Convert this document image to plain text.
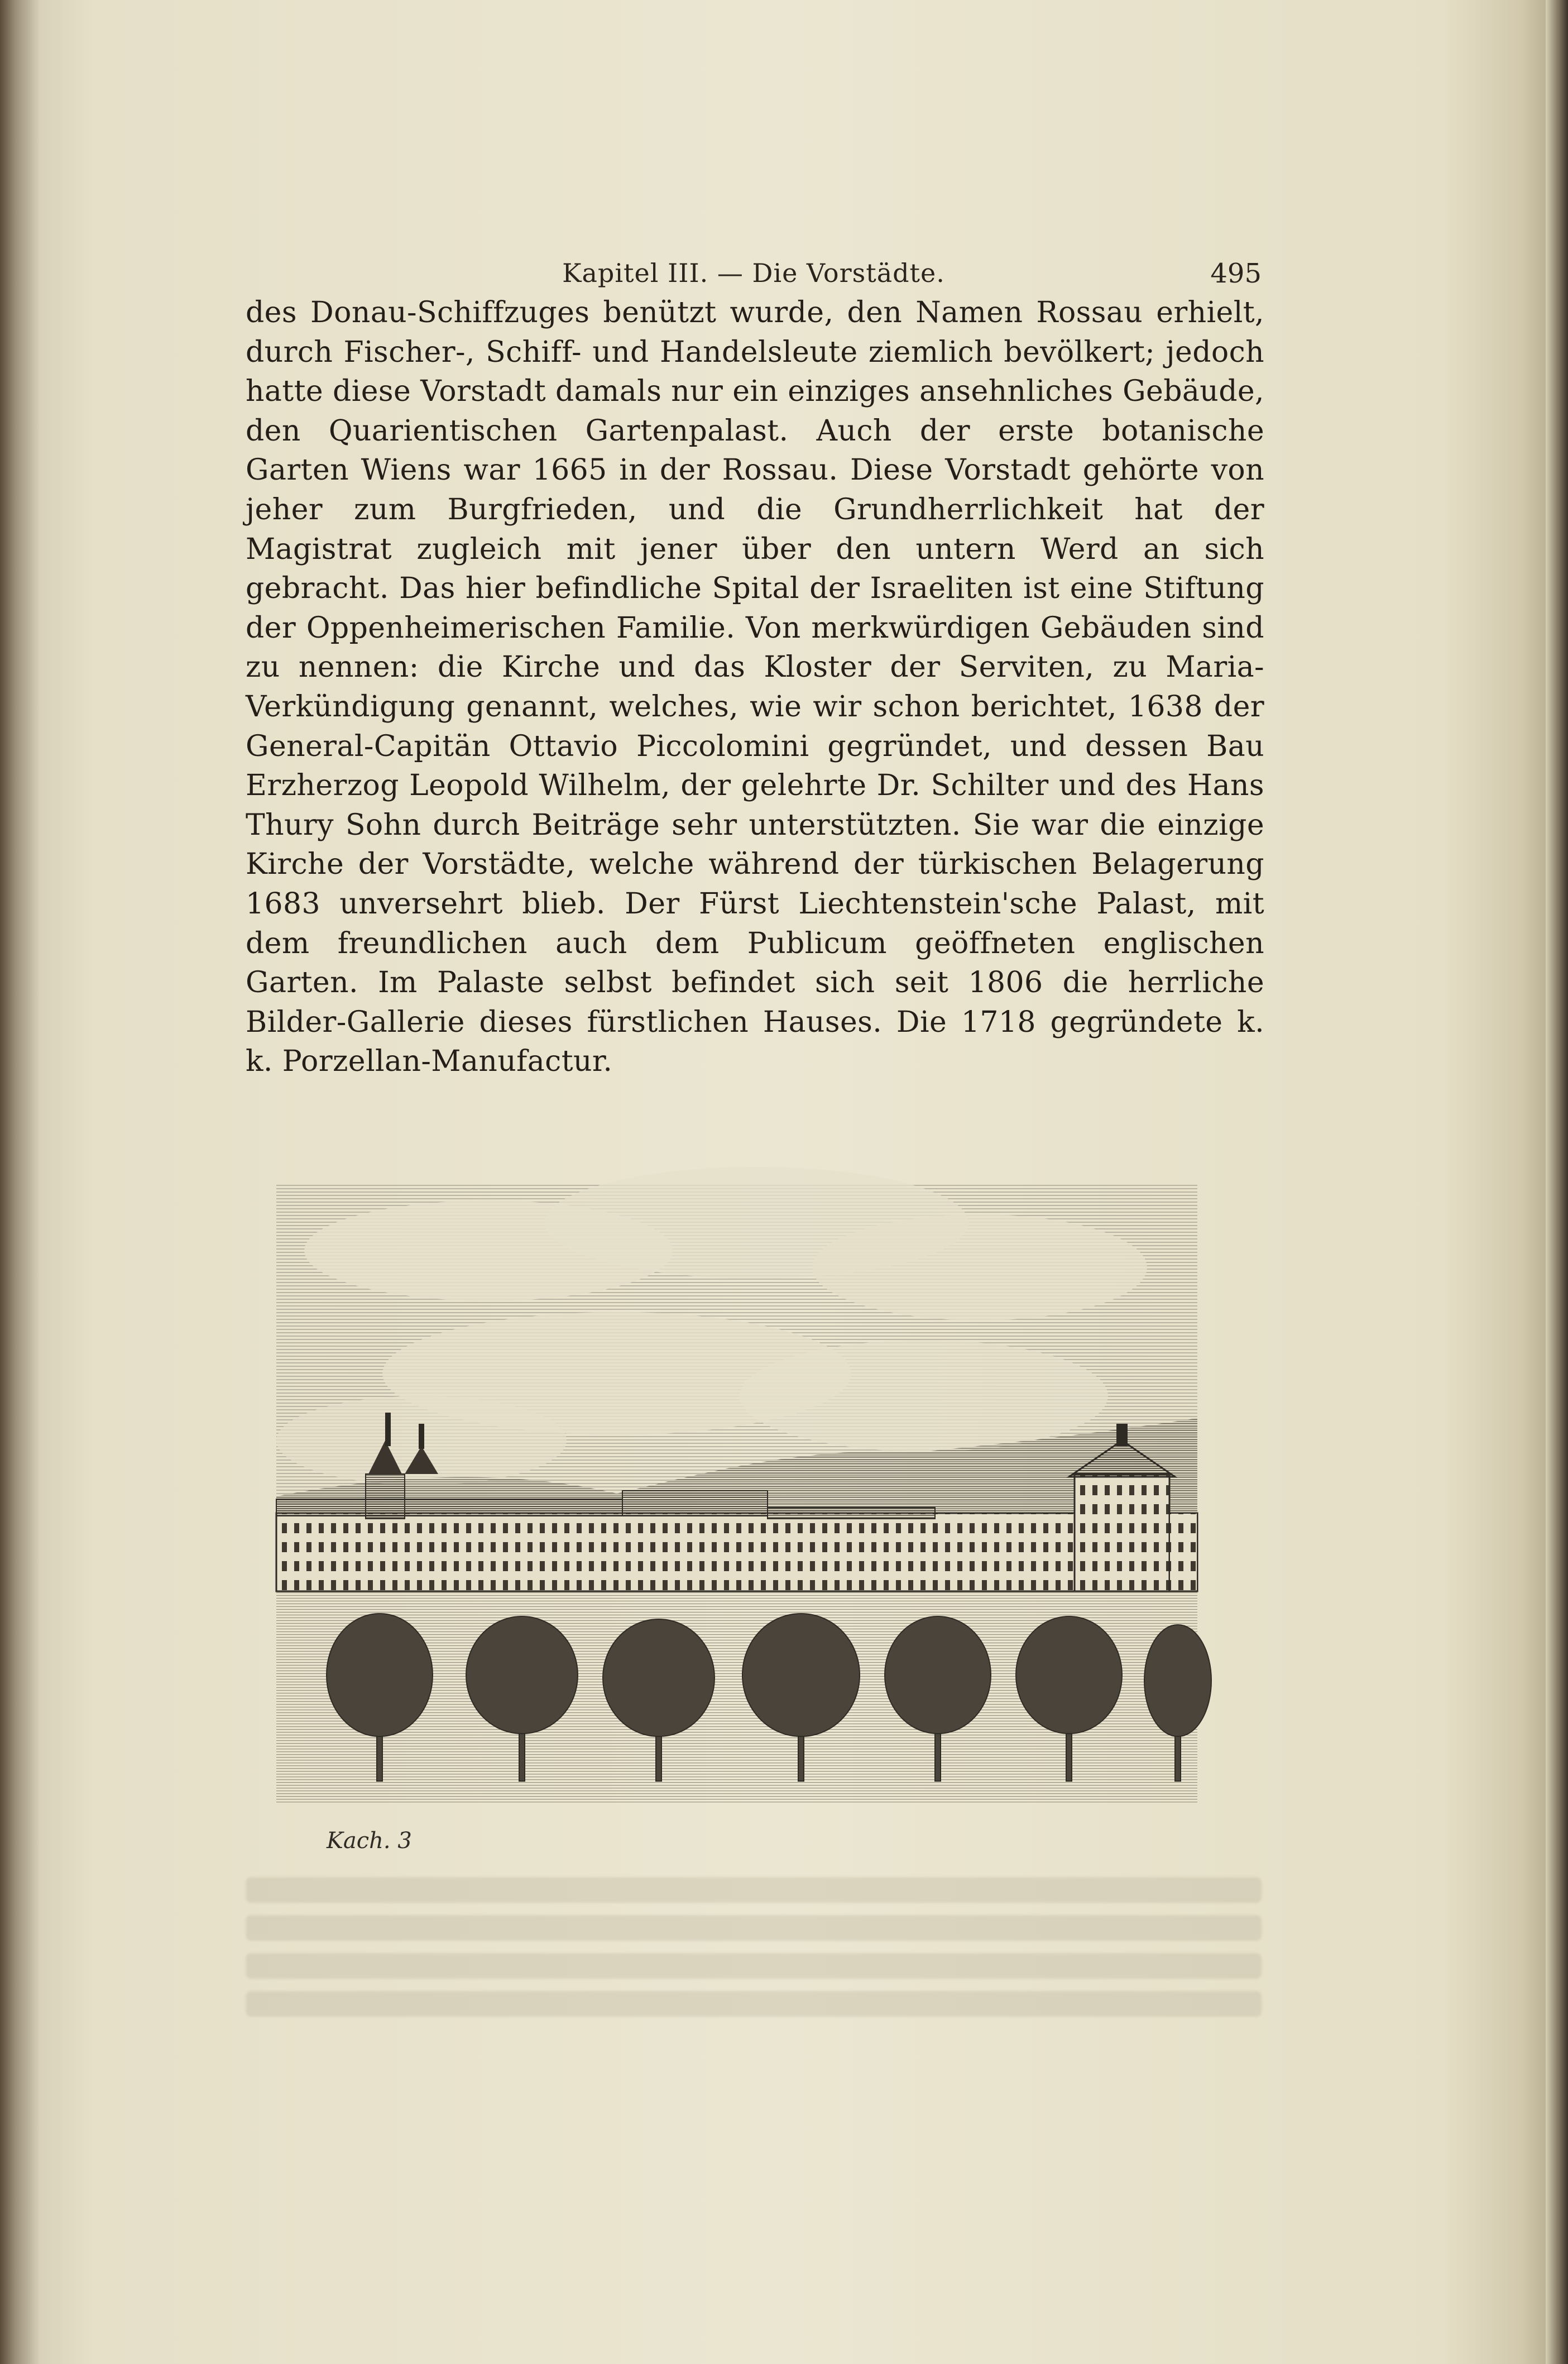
Kapitel III. — Die Vorstädte.	495
des Donau-Schiffzuges benützt wurde, den Namen Rossau erhielt, durch Fischer-, Schiff- und Handelsleute ziemlich bevölkert; jedoch hatte diese Vorstadt damals nur ein einziges ansehnliches Gebäude, den Quarientischen Gartenpalast. Auch der erste botanische Garten Wiens war 1665 in der Rossau. Diese Vorstadt gehörte von jeher zum Burgfrieden, und die Grundherrlichkeit hat der Magistrat zugleich mit jener über den untern Werd an sich gebracht. Das hier befindliche Spital der Israeliten ist eine Stiftung der Oppenheimerischen Familie. Von merkwürdigen Gebäuden sind zu nennen: die Kirche und das Kloster der Serviten, zu Maria-Verkündigung genannt, welches, wie wir schon berichtet, 1638 der General-Capitän Ottavio Piccolomini gegründet, und dessen Bau Erzherzog Leopold Wilhelm, der gelehrte Dr. Schilter und des Hans Thury Sohn durch Beiträge sehr unterstützten. Sie war die einzige Kirche der Vorstädte, welche während der türkischen Belagerung 1683 unversehrt blieb. Der Fürst Liechtenstein'sche Palast, mit dem freundlichen auch dem Publicum geöffneten englischen Garten. Im Palaste selbst befindet sich seit 1806 die herrliche Bilder-Gallerie dieses fürstlichen Hauses. Die 1718 gegründete k. k. Porzellan-Manufactur.
Kach. 3
